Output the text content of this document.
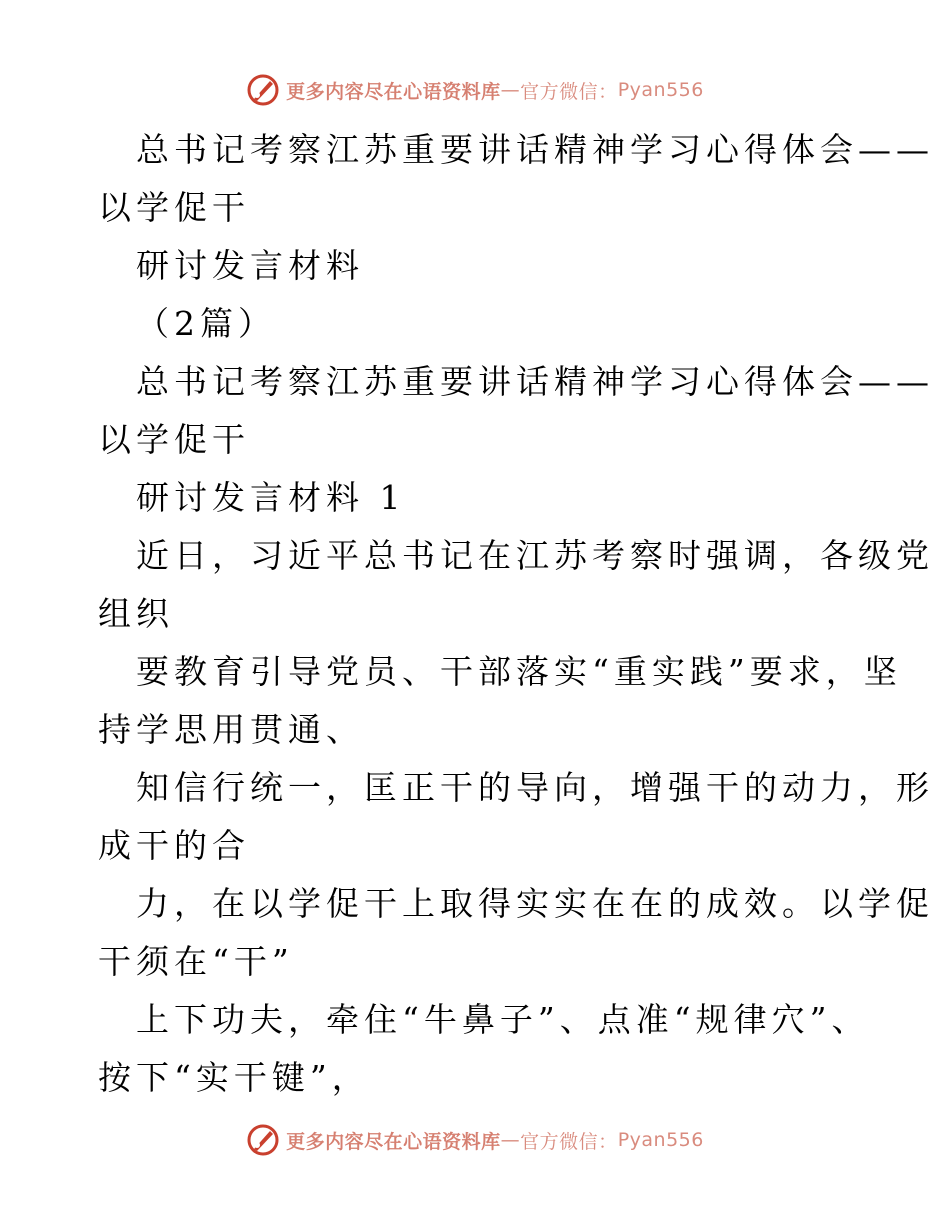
更多内容尽在心语资料库 — 官方微信： Pyan556
总书记考察江苏重要讲话精神学习心得体会——
以学促干
研讨发言材料
（2篇）
总书记考察江苏重要讲话精神学习心得体会——
以学促干
研讨发言材料 1
近日，习近平总书记在江苏考察时强调，各级党
组织
要教育引导党员、干部落实“重实践”要求，坚
持学思用贯通、
知信行统一，匡正干的导向，增强干的动力，形
成干的合
力，在以学促干上取得实实在在的成效。以学促
干须在“干”
上下功夫，牵住“牛鼻子”、点准“规律穴”、
按下“实干键”，
更多内容尽在心语资料库 — 官方微信： Pyan556
